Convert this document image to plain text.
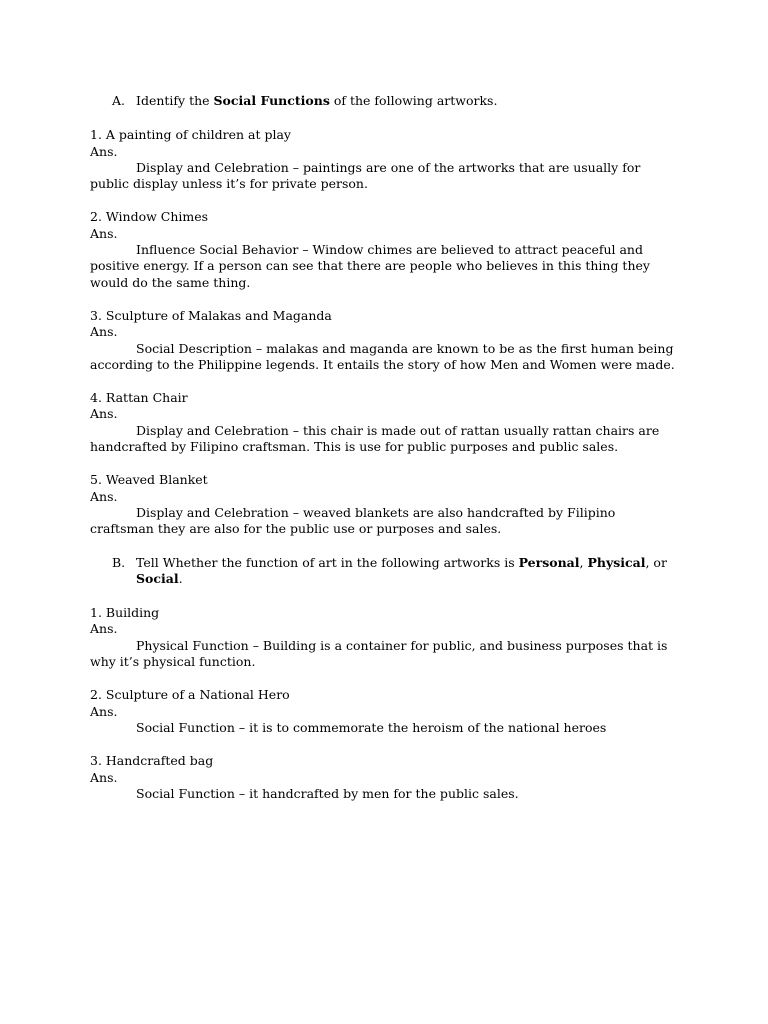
A. Identify the Social Functions of the following artworks.

1. A painting of children at play

Ans.

Display and Celebration – paintings are one of the artworks that are usually for public display unless it’s for private person.

2. Window Chimes

Ans.

Influence Social Behavior – Window chimes are believed to attract peaceful and positive energy. If a person can see that there are people who believes in this thing they would do the same thing.

3. Sculpture of Malakas and Maganda

Ans.

Social Description – malakas and maganda are known to be as the first human being according to the Philippine legends. It entails the story of how Men and Women were made.

4. Rattan Chair

Ans.

Display and Celebration – this chair is made out of rattan usually rattan chairs are handcrafted by Filipino craftsman. This is use for public purposes and public sales.

5. Weaved Blanket

Ans.

Display and Celebration – weaved blankets are also handcrafted by Filipino craftsman they are also for the public use or purposes and sales.

B. Tell Whether the function of art in the following artworks is Personal, Physical, or Social.

1. Building

Ans.

Physical Function – Building is a container for public, and business purposes that is why it’s physical function.

2. Sculpture of a National Hero

Ans.

Social Function – it is to commemorate the heroism of the national heroes

3. Handcrafted bag

Ans.

Social Function – it handcrafted by men for the public sales.
